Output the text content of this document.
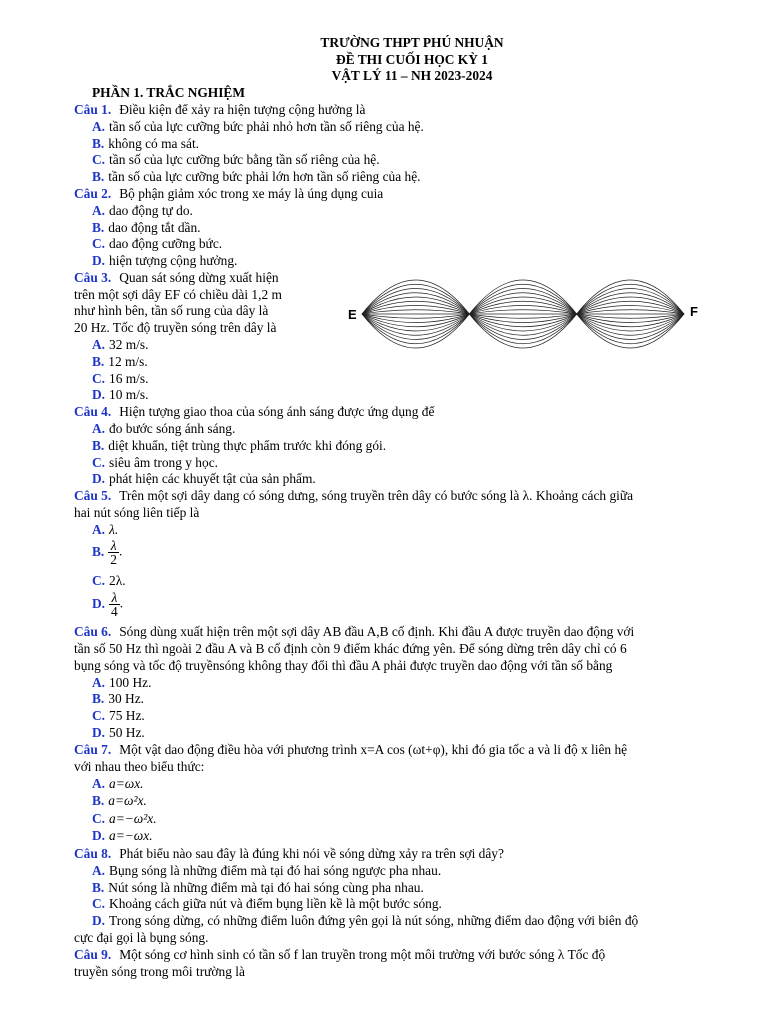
TRƯỜNG THPT PHÚ NHUẬN
ĐỀ THI CUỐI HỌC KỲ 1
VẬT LÝ 11 – NH 2023-2024
PHẦN 1. TRẮC NGHIỆM
Câu 1. Điều kiện để xảy ra hiện tượng cộng hưởng là
A. tần số của lực cưỡng bức phải nhỏ hơn tần số riêng của hệ.
B. không có ma sát.
C. tần số của lực cưỡng bức bằng tần số riêng của hệ.
B. tần số của lực cưỡng bức phải lớn hơn tần số riêng của hệ.
Câu 2. Bộ phận giảm xóc trong xe máy là úng dụng cuia
A. dao động tự do.
B. dao động tắt dần.
C. dao động cưỡng bức.
D. hiện tượng cộng hưởng.
Câu 3. Quan sát sóng dừng xuất hiện
trên một sợi dây EF có chiều dài 1,2 m
như hình bên, tần số rung của dây là
20 Hz. Tốc độ truyền sóng trên dây là
A. 32 m/s.
B. 12 m/s.
C. 16 m/s.
D. 10 m/s.
E	F
Câu 4. Hiện tượng giao thoa của sóng ánh sáng được ứng dụng để
A. đo bước sóng ánh sáng.
B. diệt khuẩn, tiệt trùng thực phẩm trước khi đóng gói.
C. siêu âm trong y học.
D. phát hiện các khuyết tật của sản phẩm.
Câu 5. Trên một sợi dây dang có sóng dưng, sóng truyền trên dây có bước sóng là λ. Khoảng cách giữa
hai nút sóng liên tiếp là
A. λ.
B. $\frac{\lambda}{2}$ .
C. 2λ.
D. $\frac{\lambda}{4}$ .
Câu 6. Sóng dùng xuất hiện trên một sợi dây AB đầu A,B cố định. Khi đầu A được truyền dao động với
tần số 50 Hz thì ngoài 2 đầu A và B cố định còn 9 điểm khác đứng yên. Để sóng dừng trên dây chỉ có 6
bụng sóng và tốc độ truyềnsóng không thay đổi thì đầu A phải được truyền dao động với tần số bằng
A. 100 Hz.
B. 30 Hz.
C. 75 Hz.
D. 50 Hz.
Câu 7. Một vật dao động điều hòa với phương trình x=A cos (ωt+φ), khi đó gia tốc a và li độ x liên hệ
với nhau theo biểu thức:
A. a=ωx.
B. a=ω²x.
C. a=−ω²x.
D. a=−ωx.
Câu 8. Phát biểu nào sau đây là đúng khi nói về sóng dừng xảy ra trên sợi dây?
A. Bụng sóng là những điểm mà tại đó hai sóng ngược pha nhau.
B. Nút sóng là những điểm mà tại đó hai sóng cùng pha nhau.
C. Khoảng cách giữa nút và điểm bụng liền kề là một bước sóng.
D. Trong sóng dừng, có những điểm luôn đứng yên gọi là nút sóng, những điểm dao động với biên độ
cực đại gọi là bụng sóng.
Câu 9. Một sóng cơ hình sinh có tần số f lan truyền trong một môi trường với bước sóng λ Tốc độ
truyền sóng trong môi trường là
